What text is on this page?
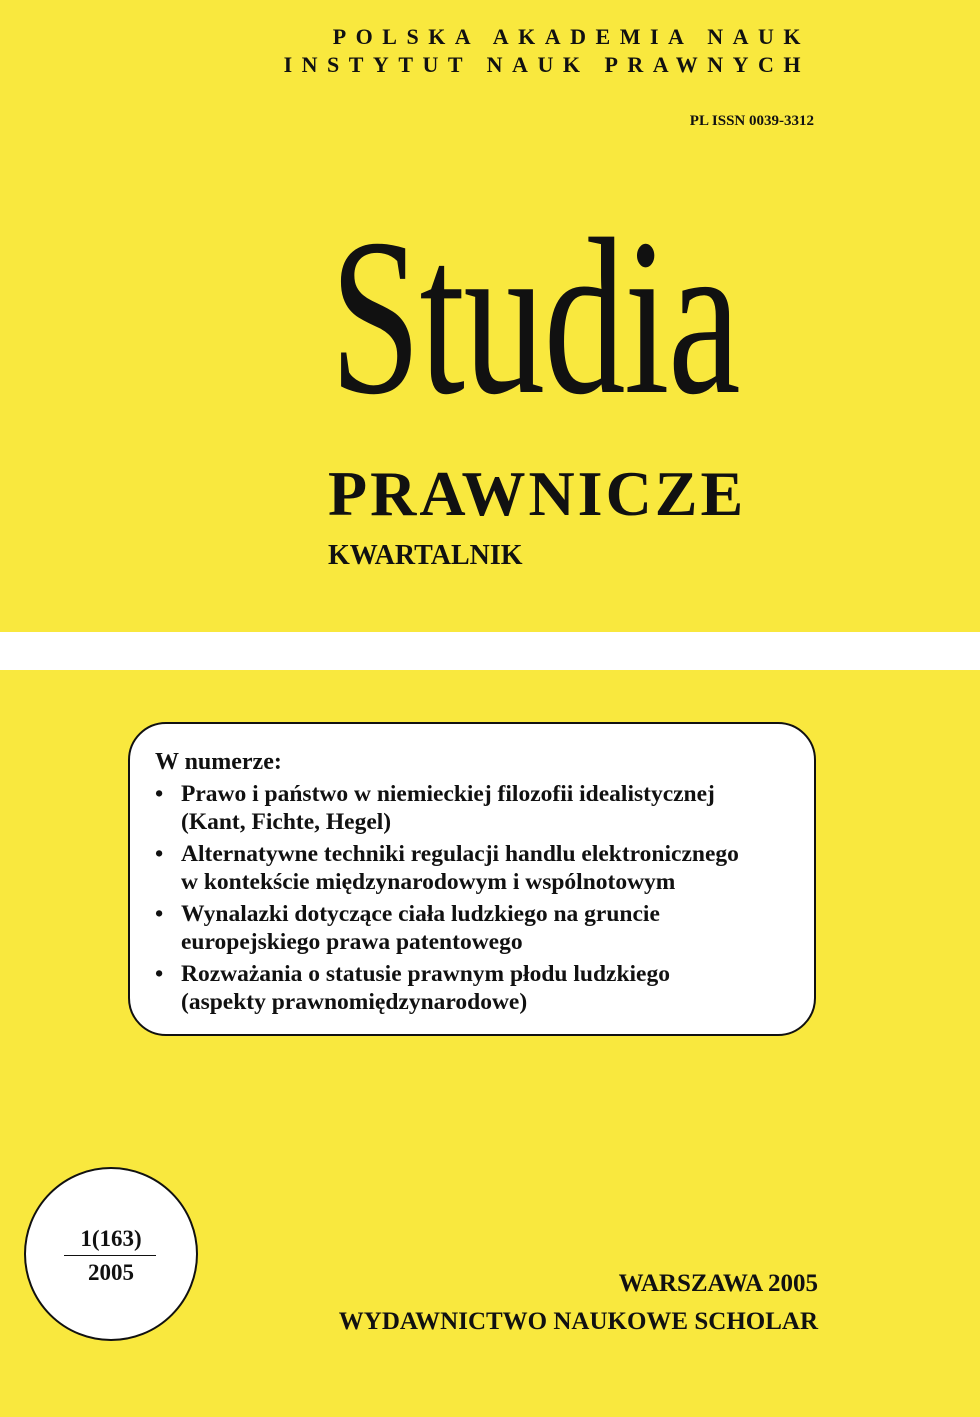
POLSKA AKADEMIA NAUK
INSTYTUT NAUK PRAWNYCH
PL ISSN 0039-3312
Studia
PRAWNICZE
KWARTALNIK
W numerze:
• Prawo i państwo w niemieckiej filozofii idealistycznej
(Kant, Fichte, Hegel)
• Alternatywne techniki regulacji handlu elektronicznego
w kontekście międzynarodowym i wspólnotowym
• Wynalazki dotyczące ciała ludzkiego na gruncie
europejskiego prawa patentowego
• Rozważania o statusie prawnym płodu ludzkiego
(aspekty prawnomiędzynarodowe)
1(163)
2005	WARSZAWA 2005
WYDAWNICTWO NAUKOWE SCHOLAR
